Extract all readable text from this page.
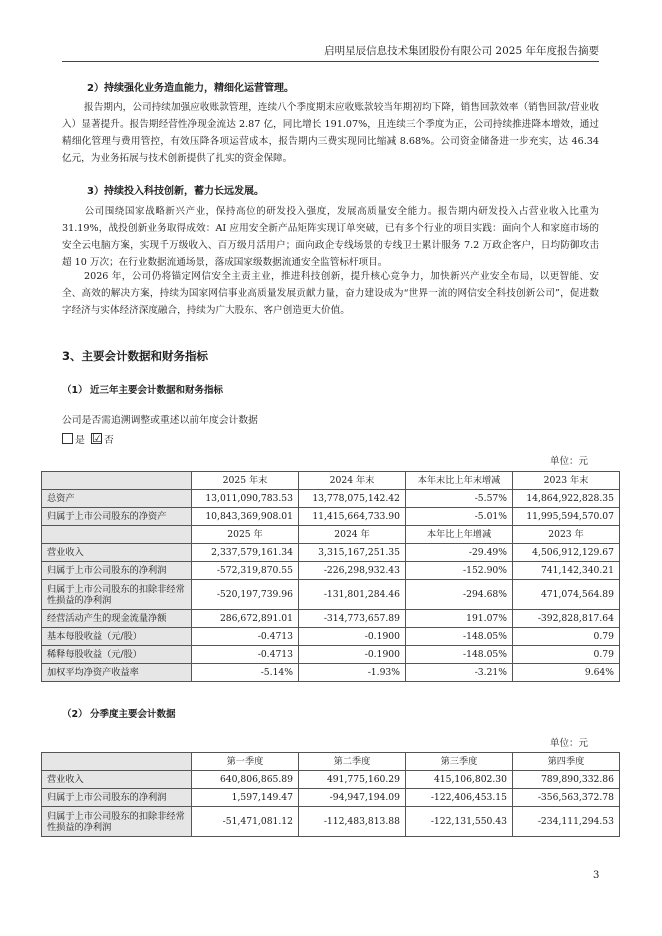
启明星辰信息技术集团股份有限公司 2025 年年度报告摘要
2）持续强化业务造血能力，精细化运营管理。
报告期内，公司持续加强应收账款管理，连续八个季度期末应收账款较当年期初均下降，销售回款效率（销售回款/营业收入）显著提升。报告期经营性净现金流达 2.87 亿，同比增长 191.07%，且连续三个季度为正，公司持续推进降本增效，通过精细化管理与费用管控，有效压降各项运营成本，报告期内三费实现同比缩减 8.68%。公司资金储备进一步充实，达 46.34 亿元，为业务拓展与技术创新提供了扎实的资金保障。
3）持续投入科技创新，蓄力长远发展。
公司围绕国家战略新兴产业，保持高位的研发投入强度，发展高质量安全能力。报告期内研发投入占营业收入比重为 31.19%，战投创新业务取得成效：AI 应用安全新产品矩阵实现订单突破，已有多个行业的项目实践：面向个人和家庭市场的安全云电脑方案，实现千万级收入、百万级月活用户；面向政企专线场景的专线卫士累计服务 7.2 万政企客户，日均防御攻击超 10 万次；在行业数据流通场景，落成国家级数据流通安全监管标杆项目。
2026 年，公司仍将锚定网信安全主责主业，推进科技创新，提升核心竞争力，加快新兴产业安全布局，以更智能、安全、高效的解决方案，持续为国家网信事业高质量发展贡献力量，奋力建设成为“世界一流的网信安全科技创新公司”，促进数字经济与实体经济深度融合，持续为广大股东、客户创造更大价值。
3、主要会计数据和财务指标
（1） 近三年主要会计数据和财务指标
公司是否需追溯调整或重述以前年度会计数据
是 ☑ 否
单位：元
	2025 年末	2024 年末	本年末比上年末增减	2023 年末
总资产	13,011,090,783.53	13,778,075,142.42	-5.57%	14,864,922,828.35
归属于上市公司股东的净资产	10,843,369,908.01	11,415,664,733.90	-5.01%	11,995,594,570.07
	2025 年	2024 年	本年比上年增减	2023 年
营业收入	2,337,579,161.34	3,315,167,251.35	-29.49%	4,506,912,129.67
归属于上市公司股东的净利润	-572,319,870.55	-226,298,932.43	-152.90%	741,142,340.21
归属于上市公司股东的扣除非经常性损益的净利润	-520,197,739.96	-131,801,284.46	-294.68%	471,074,564.89
经营活动产生的现金流量净额	286,672,891.01	-314,773,657.89	191.07%	-392,828,817.64
基本每股收益（元/股）	-0.4713	-0.1900	-148.05%	0.79
稀释每股收益（元/股）	-0.4713	-0.1900	-148.05%	0.79
加权平均净资产收益率	-5.14%	-1.93%	-3.21%	9.64%
（2） 分季度主要会计数据
单位：元
	第一季度	第二季度	第三季度	第四季度
营业收入	640,806,865.89	491,775,160.29	415,106,802.30	789,890,332.86
归属于上市公司股东的净利润	1,597,149.47	-94,947,194.09	-122,406,453.15	-356,563,372.78
归属于上市公司股东的扣除非经常性损益的净利润	-51,471,081.12	-112,483,813.88	-122,131,550.43	-234,111,294.53
3
